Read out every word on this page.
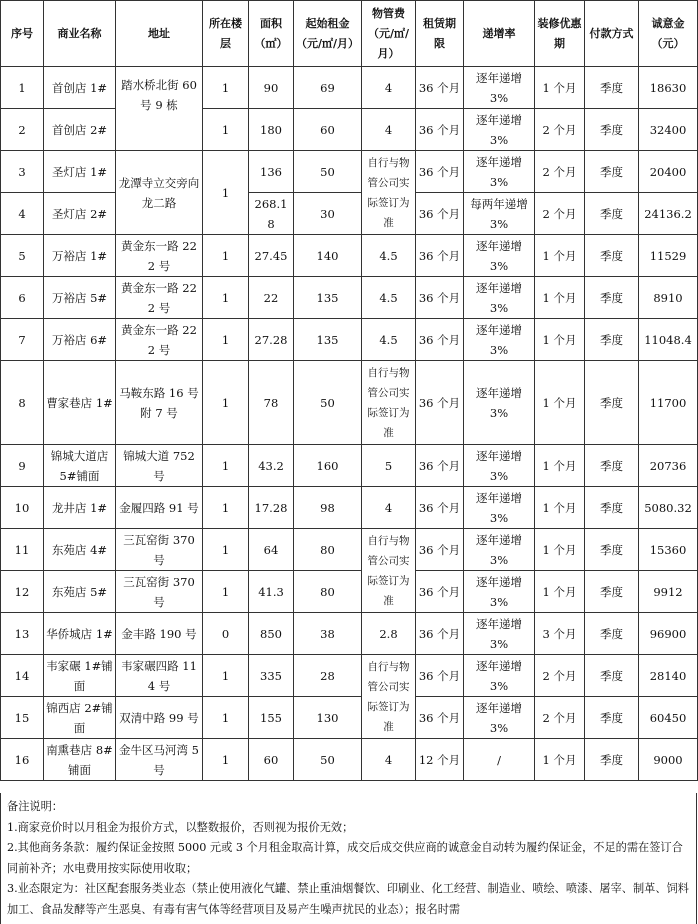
序号	商业名称	地址	所在楼层	面积（㎡）	起始租金（元/㎡/月）	物管费（元/㎡/月）	租赁期限	递增率	装修优惠期	付款方式	诚意金（元）
1	首创店 1#	踏水桥北街 60 号 9 栋	1	90	69	4	36 个月	逐年递增 3%	1 个月	季度	18630
2	首创店 2#		1	180	60	4	36 个月	逐年递增 3%	2 个月	季度	32400
3	圣灯店 1#	龙潭寺立交旁向龙二路	1	136	50	自行与物管公司实际签订为准	36 个月	逐年递增 3%	2 个月	季度	20400
4	圣灯店 2#			268.18	30		36 个月	每两年递增 3%	2 个月	季度	24136.2
5	万裕店 1#	黄金东一路 222 号	1	27.45	140	4.5	36 个月	逐年递增 3%	1 个月	季度	11529
6	万裕店 5#	黄金东一路 222 号	1	22	135	4.5	36 个月	逐年递增 3%	1 个月	季度	8910
7	万裕店 6#	黄金东一路 222 号	1	27.28	135	4.5	36 个月	逐年递增 3%	1 个月	季度	11048.4
8	曹家巷店 1#	马鞍东路 16 号附 7 号	1	78	50	自行与物管公司实际签订为准	36 个月	逐年递增 3%	1 个月	季度	11700
9	锦城大道店 5#铺面	锦城大道 752 号	1	43.2	160	5	36 个月	逐年递增 3%	1 个月	季度	20736
10	龙井店 1#	金履四路 91 号	1	17.28	98	4	36 个月	逐年递增 3%	1 个月	季度	5080.32
11	东苑店 4#	三瓦窑街 370 号	1	64	80	自行与物管公司实际签订为准	36 个月	逐年递增 3%	1 个月	季度	15360
12	东苑店 5#	三瓦窑街 370 号	1	41.3	80		36 个月	逐年递增 3%	1 个月	季度	9912
13	华侨城店 1#	金丰路 190 号	0	850	38	2.8	36 个月	逐年递增 3%	3 个月	季度	96900
14	韦家碾 1#铺面	韦家碾四路 114 号	1	335	28	自行与物管公司实际签订为准	36 个月	逐年递增 3%	2 个月	季度	28140
15	锦西店 2#铺面	双清中路 99 号	1	155	130		36 个月	逐年递增 3%	2 个月	季度	60450
16	南熏巷店 8#铺面	金牛区马河湾 5 号	1	60	50	4	12 个月	/	1 个月	季度	9000

备注说明：

1.商家竞价时以月租金为报价方式，以整数报价，否则视为报价无效；

2.其他商务条款：履约保证金按照 5000 元或 3 个月租金取高计算，成交后成交供应商的诚意金自动转为履约保证金，不足的需在签订合同前补齐；水电费用按实际使用收取；

3.业态限定为：社区配套服务类业态（禁止使用液化气罐、禁止重油烟餐饮、印刷业、化工经营、制造业、喷绘、喷漆、屠宰、制革、饲料加工、食品发酵等产生恶臭、有毒有害气体等经营项目及易产生噪声扰民的业态）；报名时需
